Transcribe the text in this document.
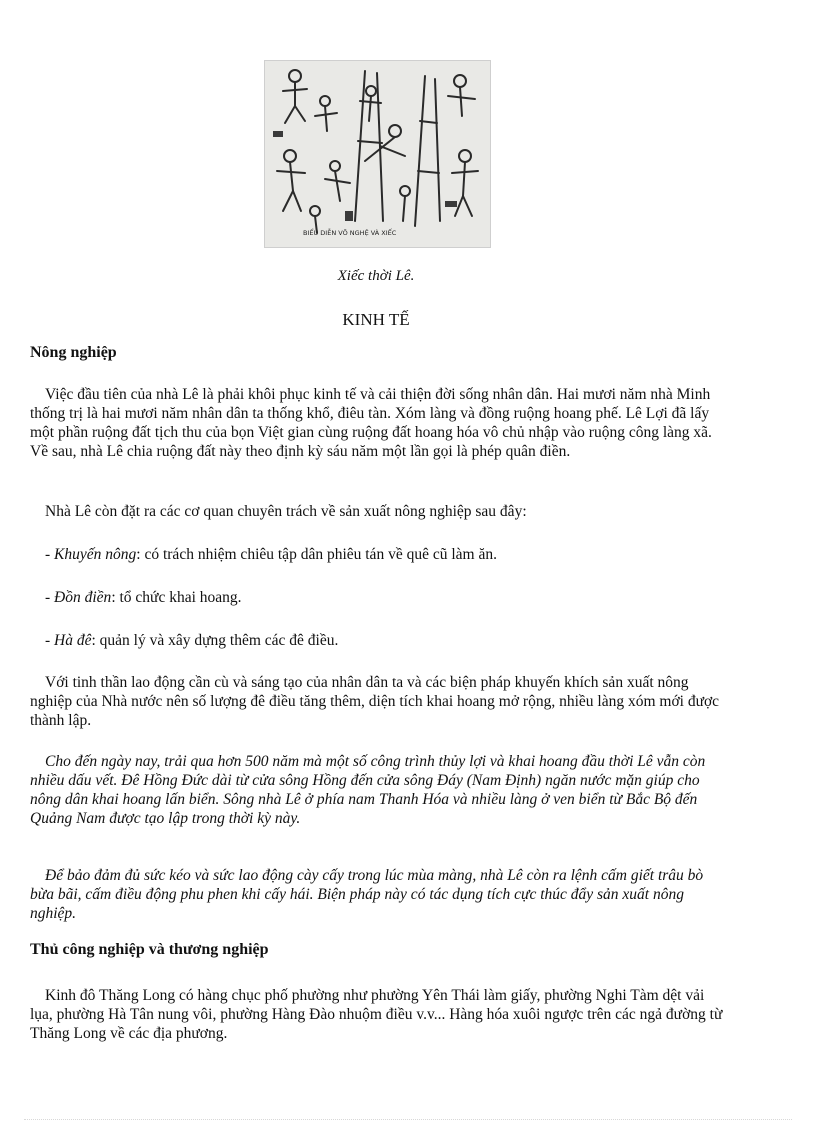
BIỂU DIỄN VÕ NGHỆ VÀ XIẾC
Xiếc thời Lê.
KINH TẾ
Nông nghiệp

Việc đầu tiên của nhà Lê là phải khôi phục kinh tế và cải thiện đời sống nhân dân. Hai mươi năm nhà Minh thống trị là hai mươi năm nhân dân ta thống khổ, điêu tàn. Xóm làng và đồng ruộng hoang phế. Lê Lợi đã lấy một phần ruộng đất tịch thu của bọn Việt gian cùng ruộng đất hoang hóa vô chủ nhập vào ruộng công làng xã. Về sau, nhà Lê chia ruộng đất này theo định kỳ sáu năm một lần gọi là phép quân điền.

Nhà Lê còn đặt ra các cơ quan chuyên trách về sản xuất nông nghiệp sau đây:

- Khuyến nông: có trách nhiệm chiêu tập dân phiêu tán về quê cũ làm ăn.
- Đồn điền: tổ chức khai hoang.
- Hà đê: quản lý và xây dựng thêm các đê điều.

Với tinh thần lao động cần cù và sáng tạo của nhân dân ta và các biện pháp khuyến khích sản xuất nông nghiệp của Nhà nước nên số lượng đê điều tăng thêm, diện tích khai hoang mở rộng, nhiều làng xóm mới được thành lập.

Cho đến ngày nay, trải qua hơn 500 năm mà một số công trình thủy lợi và khai hoang đầu thời Lê vẫn còn nhiều dấu vết. Đê Hồng Đức dài từ cửa sông Hồng đến cửa sông Đáy (Nam Định) ngăn nước mặn giúp cho nông dân khai hoang lấn biển. Sông nhà Lê ở phía nam Thanh Hóa và nhiều làng ở ven biển từ Bắc Bộ đến Quảng Nam được tạo lập trong thời kỳ này.

Để bảo đảm đủ sức kéo và sức lao động cày cấy trong lúc mùa màng, nhà Lê còn ra lệnh cấm giết trâu bò bừa bãi, cấm điều động phu phen khi cấy hái. Biện pháp này có tác dụng tích cực thúc đẩy sản xuất nông nghiệp.

Thủ công nghiệp và thương nghiệp

Kinh đô Thăng Long có hàng chục phố phường như phường Yên Thái làm giấy, phường Nghi Tàm dệt vải lụa, phường Hà Tân nung vôi, phường Hàng Đào nhuộm điều v.v... Hàng hóa xuôi ngược trên các ngả đường từ Thăng Long về các địa phương.
